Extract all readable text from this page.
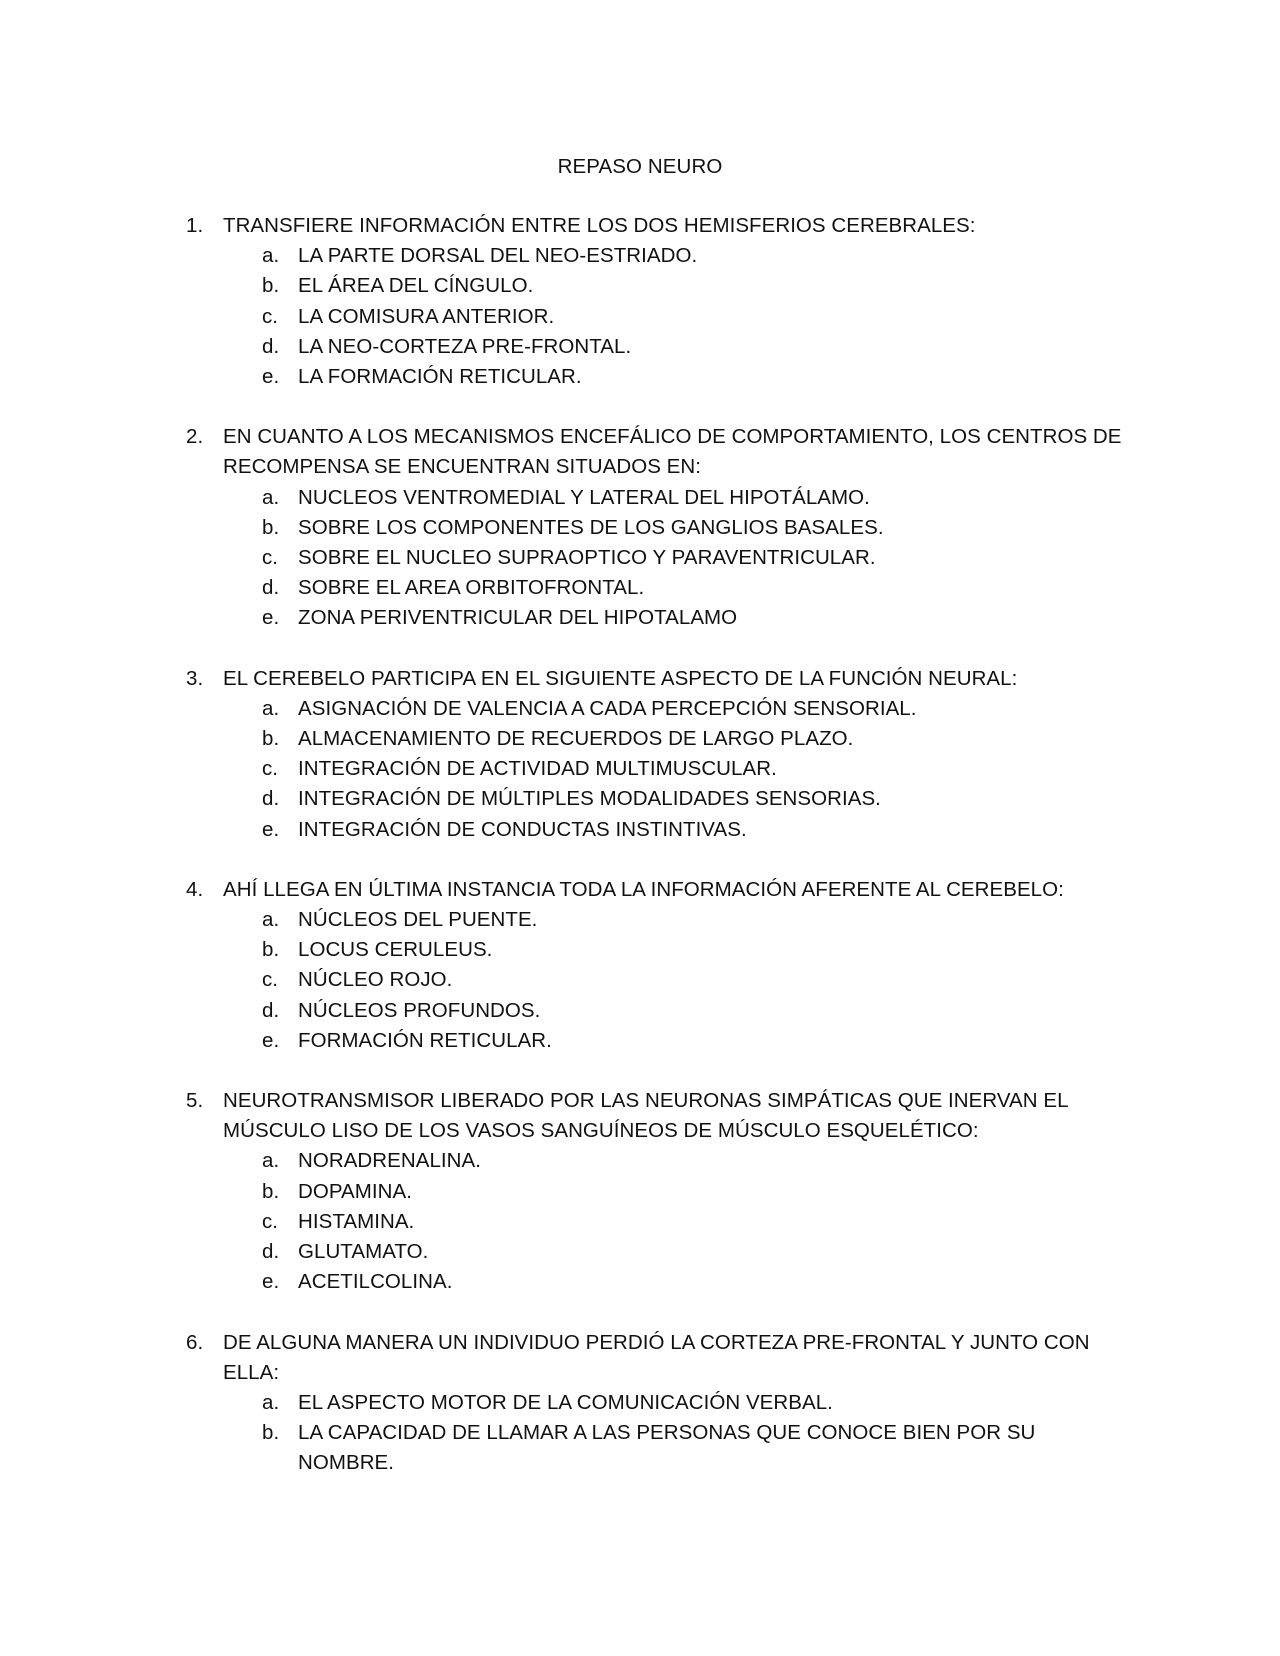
REPASO NEURO
1. TRANSFIERE INFORMACIÓN ENTRE LOS DOS HEMISFERIOS CEREBRALES:
a. LA PARTE DORSAL DEL NEO-ESTRIADO.
b. EL ÁREA DEL CÍNGULO.
c. LA COMISURA ANTERIOR.
d. LA NEO-CORTEZA PRE-FRONTAL.
e. LA FORMACIÓN RETICULAR.
2. EN CUANTO A LOS MECANISMOS ENCEFÁLICO DE COMPORTAMIENTO, LOS CENTROS DE RECOMPENSA SE ENCUENTRAN SITUADOS EN:
a. NUCLEOS VENTROMEDIAL Y LATERAL DEL HIPOTÁLAMO.
b. SOBRE LOS COMPONENTES DE LOS GANGLIOS BASALES.
c. SOBRE EL NUCLEO SUPRAOPTICO Y PARAVENTRICULAR.
d. SOBRE EL AREA ORBITOFRONTAL.
e. ZONA PERIVENTRICULAR DEL HIPOTALAMO
3. EL CEREBELO PARTICIPA EN EL SIGUIENTE ASPECTO DE LA FUNCIÓN NEURAL:
a. ASIGNACIÓN DE VALENCIA A CADA PERCEPCIÓN SENSORIAL.
b. ALMACENAMIENTO DE RECUERDOS DE LARGO PLAZO.
c. INTEGRACIÓN DE ACTIVIDAD MULTIMUSCULAR.
d. INTEGRACIÓN DE MÚLTIPLES MODALIDADES SENSORIAS.
e. INTEGRACIÓN DE CONDUCTAS INSTINTIVAS.
4. AHÍ LLEGA EN ÚLTIMA INSTANCIA TODA LA INFORMACIÓN AFERENTE AL CEREBELO:
a. NÚCLEOS DEL PUENTE.
b. LOCUS CERULEUS.
c. NÚCLEO ROJO.
d. NÚCLEOS PROFUNDOS.
e. FORMACIÓN RETICULAR.
5. NEUROTRANSMISOR LIBERADO POR LAS NEURONAS SIMPÁTICAS QUE INERVAN EL MÚSCULO LISO DE LOS VASOS SANGUÍNEOS DE MÚSCULO ESQUELÉTICO:
a. NORADRENALINA.
b. DOPAMINA.
c. HISTAMINA.
d. GLUTAMATO.
e. ACETILCOLINA.
6. DE ALGUNA MANERA UN INDIVIDUO PERDIÓ LA CORTEZA PRE-FRONTAL Y JUNTO CON ELLA:
a. EL ASPECTO MOTOR DE LA COMUNICACIÓN VERBAL.
b. LA CAPACIDAD DE LLAMAR A LAS PERSONAS QUE CONOCE BIEN POR SU NOMBRE.
